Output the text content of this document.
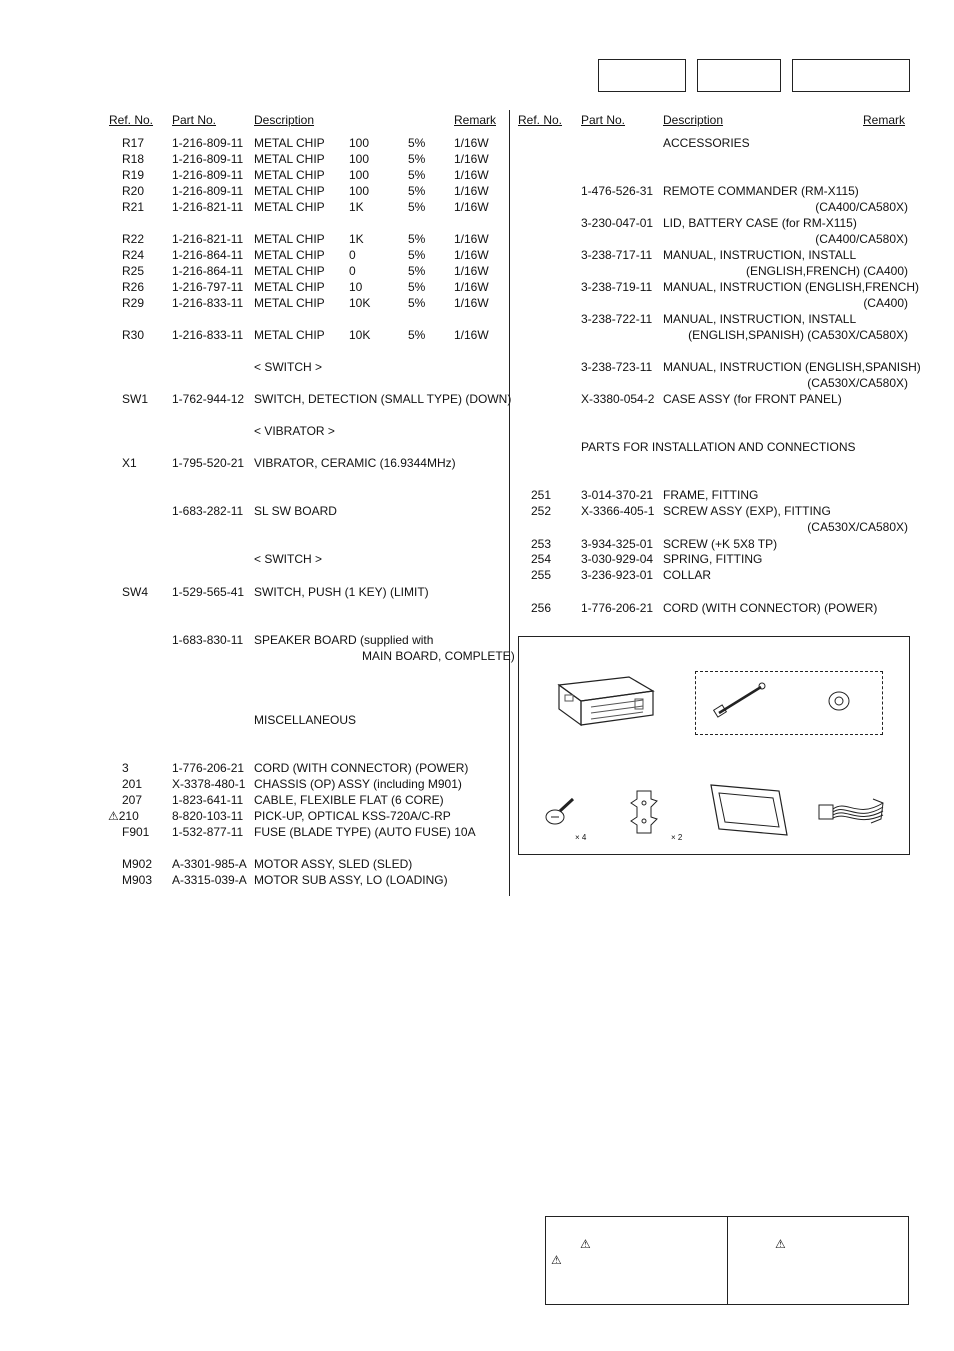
Ref. No. Part No.	Description	Remark Ref. No. Part No.	Description	Remark
R17 1-216-809-11 METAL CHIP 100	5% 1/16W
R18 1-216-809-11 METAL CHIP 100	5% 1/16W
R19 1-216-809-11 METAL CHIP 100	5% 1/16W
R20 1-216-809-11 METAL CHIP 100	5% 1/16W
R21 1-216-821-11 METAL CHIP 1K	5% 1/16W
R22 1-216-821-11 METAL CHIP 1K	5% 1/16W
R24 1-216-864-11 METAL CHIP 0	5% 1/16W
R25 1-216-864-11 METAL CHIP 0	5% 1/16W
R26 1-216-797-11 METAL CHIP 10	5% 1/16W
R29 1-216-833-11 METAL CHIP 10K	5% 1/16W
R30 1-216-833-11 METAL CHIP 10K	5% 1/16W
< SWITCH >
SW1 1-762-944-12 SWITCH, DETECTION (SMALL TYPE) (DOWN)
< VIBRATOR >
X1	1-795-520-21 VIBRATOR, CERAMIC (16.9344MHz)
1-683-282-11 SL SW BOARD
< SWITCH >
SW4 1-529-565-41 SWITCH, PUSH (1 KEY) (LIMIT)
1-683-830-11 SPEAKER BOARD (supplied with
MAIN BOARD, COMPLETE)
MISCELLANEOUS
3	1-776-206-21 CORD (WITH CONNECTOR) (POWER)
201 X-3378-480-1 CHASSIS (OP) ASSY (including M901)
207 1-823-641-11 CABLE, FLEXIBLE FLAT (6 CORE)
⚠210	8-820-103-11 PICK-UP, OPTICAL KSS-720A/C-RP
F901 1-532-877-11 FUSE (BLADE TYPE) (AUTO FUSE) 10A
M902 A-3301-985-A MOTOR ASSY, SLED (SLED)
M903 A-3315-039-A MOTOR SUB ASSY, LO (LOADING)
ACCESSORIES
1-476-526-31 REMOTE COMMANDER (RM-X115)
(CA400/CA580X)
3-230-047-01 LID, BATTERY CASE (for RM-X115)
(CA400/CA580X)
3-238-717-11 MANUAL, INSTRUCTION, INSTALL
(ENGLISH,FRENCH) (CA400)
3-238-719-11 MANUAL, INSTRUCTION (ENGLISH,FRENCH)
(CA400)
3-238-722-11 MANUAL, INSTRUCTION, INSTALL
(ENGLISH,SPANISH) (CA530X/CA580X)
3-238-723-11 MANUAL, INSTRUCTION (ENGLISH,SPANISH)
(CA530X/CA580X)
X-3380-054-2 CASE ASSY (for FRONT PANEL)
PARTS FOR INSTALLATION AND CONNECTIONS
251 3-014-370-21 FRAME, FITTING
252 X-3366-405-1 SCREW ASSY (EXP), FITTING
(CA530X/CA580X)
253 3-934-325-01 SCREW (+K 5X8 TP)
254 3-030-929-04 SPRING, FITTING
255 3-236-923-01 COLLAR
256 1-776-206-21 CORD (WITH CONNECTOR) (POWER)
× 4	× 2
⚠
⚠
⚠
